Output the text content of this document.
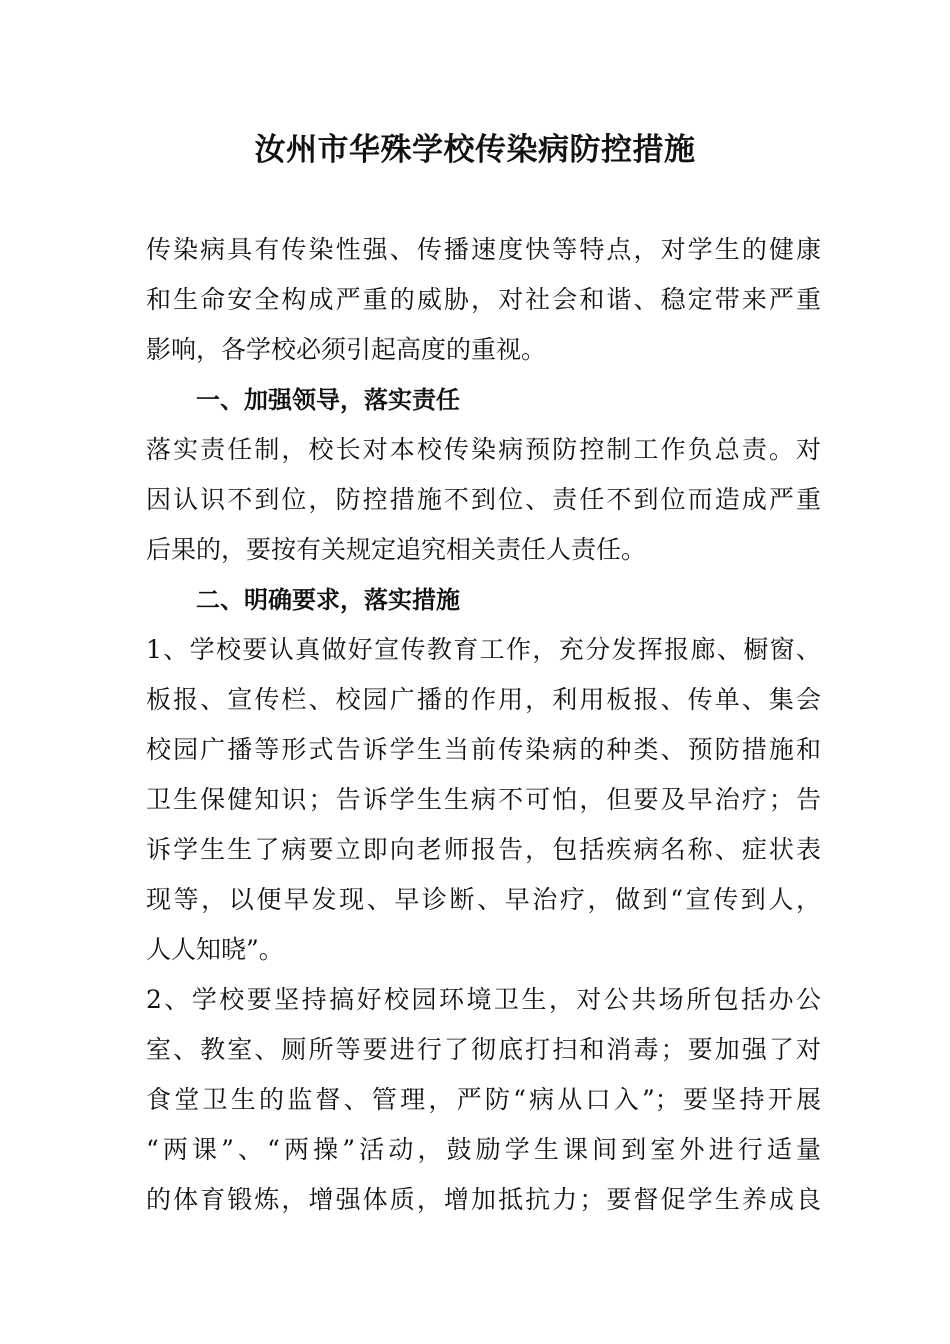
汝州市华殊学校传染病防控措施
传染病具有传染性强、传播速度快等特点，对学生的健康
和生命安全构成严重的威胁，对社会和谐、稳定带来严重
影响，各学校必须引起高度的重视。
一、加强领导，落实责任
落实责任制，校长对本校传染病预防控制工作负总责。对
因认识不到位，防控措施不到位、责任不到位而造成严重
后果的，要按有关规定追究相关责任人责任。
二、明确要求，落实措施
1、学校要认真做好宣传教育工作，充分发挥报廊、橱窗、
板报、宣传栏、校园广播的作用，利用板报、传单、集会
校园广播等形式告诉学生当前传染病的种类、预防措施和
卫生保健知识；告诉学生生病不可怕，但要及早治疗；告
诉学生生了病要立即向老师报告，包括疾病名称、症状表
现等，以便早发现、早诊断、早治疗，做到“宣传到人，
人人知晓”。
2、学校要坚持搞好校园环境卫生，对公共场所包括办公
室、教室、厕所等要进行了彻底打扫和消毒；要加强了对
食堂卫生的监督、管理，严防“病从口入”；要坚持开展
“两课”、“两操”活动，鼓励学生课间到室外进行适量
的体育锻炼，增强体质，增加抵抗力；要督促学生养成良
